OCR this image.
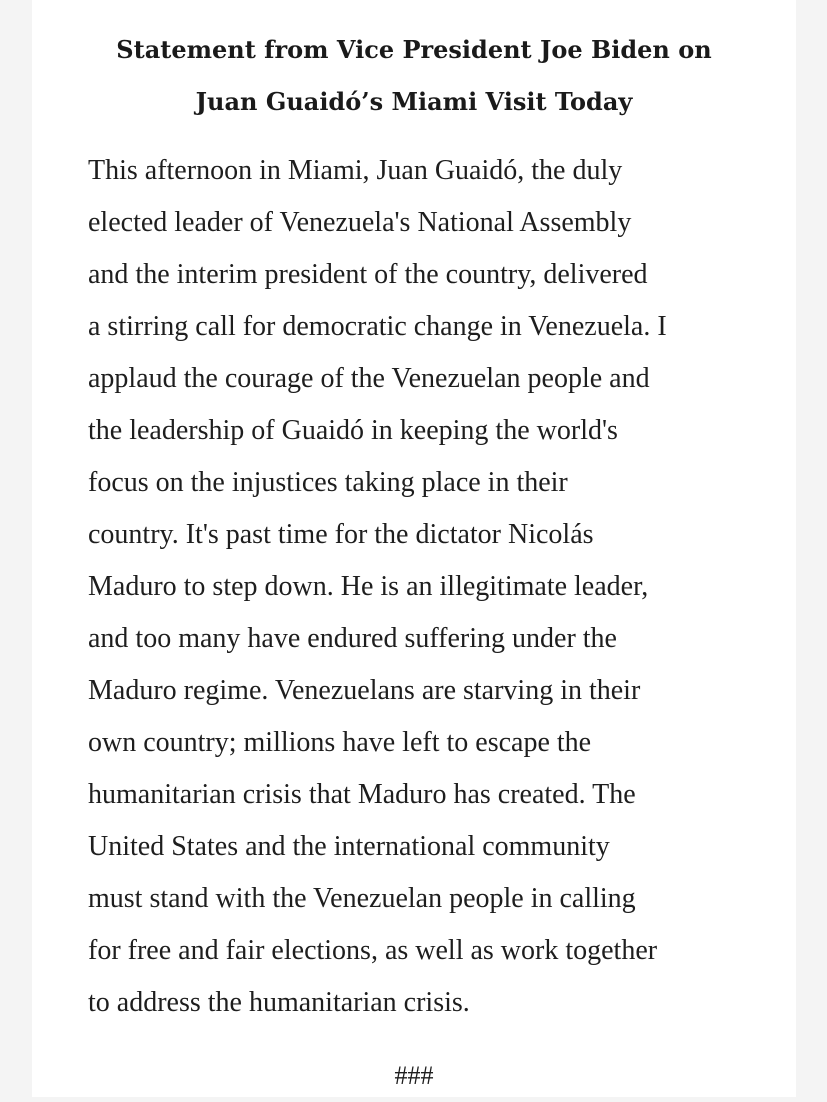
Statement from Vice President Joe Biden on
Juan Guaidó’s Miami Visit Today
This afternoon in Miami, Juan Guaidó, the duly
elected leader of Venezuela's National Assembly
and the interim president of the country, delivered
a stirring call for democratic change in Venezuela. I
applaud the courage of the Venezuelan people and
the leadership of Guaidó in keeping the world's
focus on the injustices taking place in their
country. It's past time for the dictator Nicolás
Maduro to step down. He is an illegitimate leader,
and too many have endured suffering under the
Maduro regime. Venezuelans are starving in their
own country; millions have left to escape the
humanitarian crisis that Maduro has created. The
United States and the international community
must stand with the Venezuelan people in calling
for free and fair elections, as well as work together
to address the humanitarian crisis.
###
